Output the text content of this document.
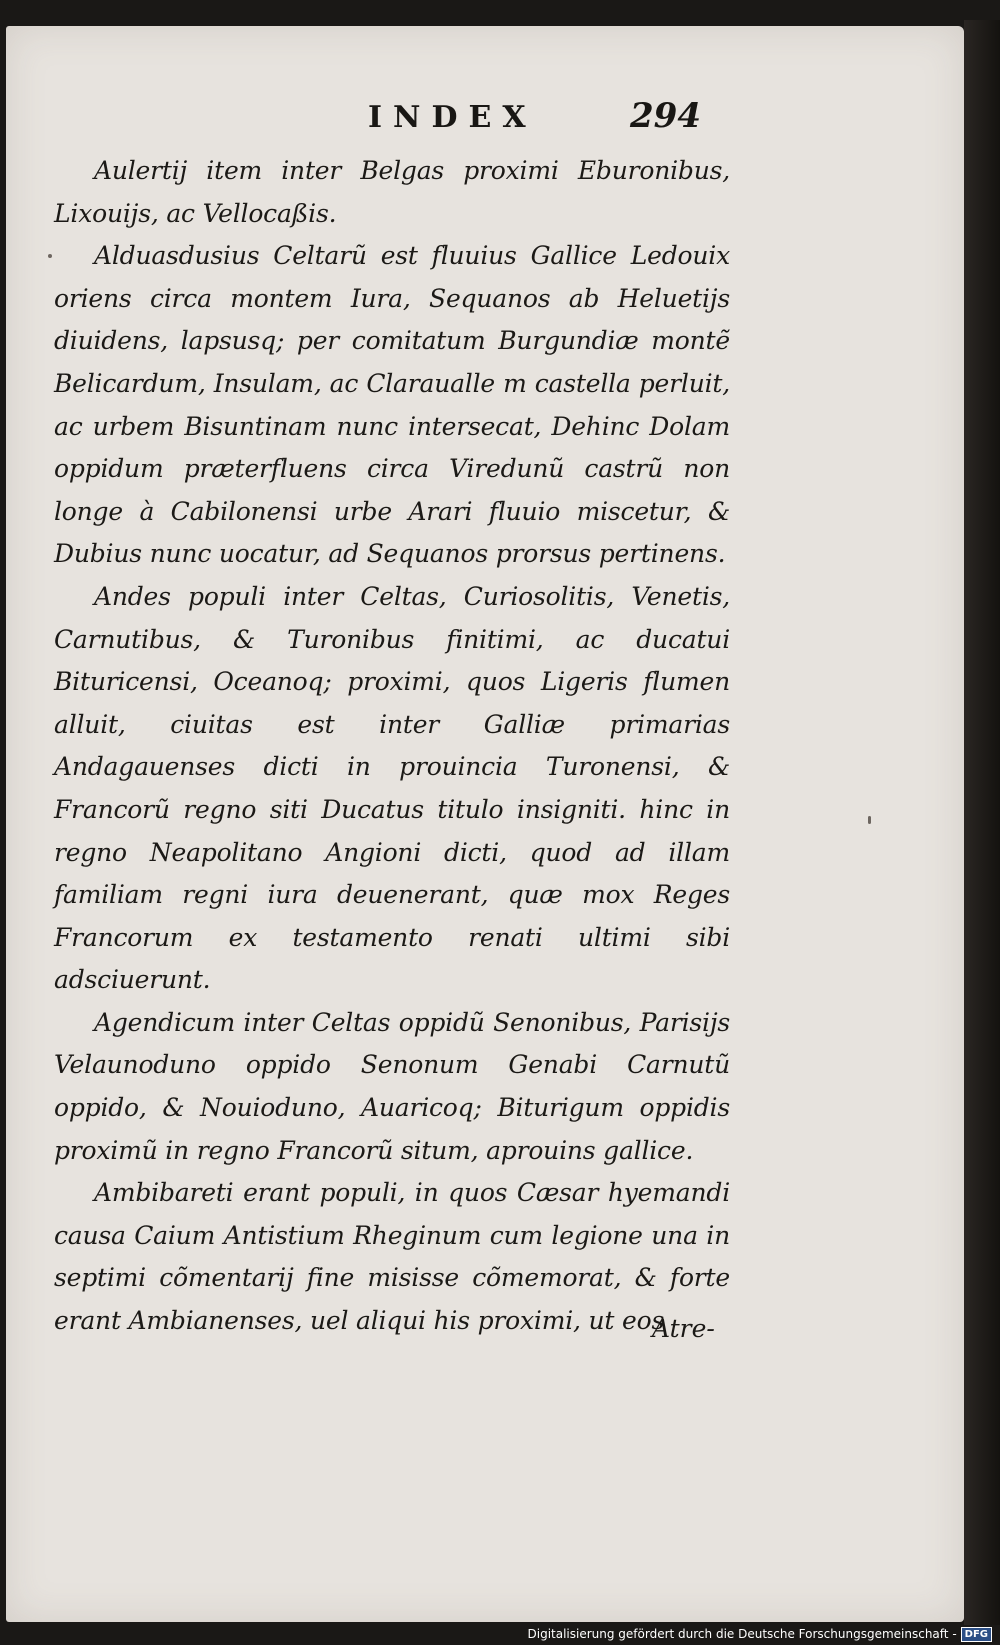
INDEX	294

Aulertij item inter Belgas proximi Eburonibus, Lixouijs, ac Vellocaßis.

Alduasdusius Celtarũ est fluuius Gallice Ledouix oriens circa montem Iura, Sequanos ab Heluetijs diuidens, lapsusq; per comitatum Burgundiæ montẽ Belicardum, Insulam, ac Claraualle m castella perluit, ac urbem Bisuntinam nunc intersecat, Dehinc Dolam oppidum præterfluens circa Viredunũ castrũ non longe à Cabilonensi urbe Arari fluuio miscetur, & Dubius nunc uocatur, ad Sequanos prorsus pertinens.

Andes populi inter Celtas, Curiosolitis, Venetis, Carnutibus, & Turonibus finitimi, ac ducatui Bituricensi, Oceanoq; proximi, quos Ligeris flumen alluit, ciuitas est inter Galliæ primarias Andagauenses dicti in prouincia Turonensi, & Francorũ regno siti Ducatus titulo insigniti. hinc in regno Neapolitano Angioni dicti, quod ad illam familiam regni iura deuenerant, quæ mox Reges Francorum ex testamento renati ultimi sibi adsciuerunt.

Agendicum inter Celtas oppidũ Senonibus, Parisijs Velaunoduno oppido Senonum Genabi Carnutũ oppido, & Nouioduno, Auaricoq; Biturigum oppidis proximũ in regno Francorũ situm, aprouins gallice.

Ambibareti erant populi, in quos Cæsar hyemandi causa Caium Antistium Rheginum cum legione una in septimi cõmentarij fine misisse cõmemorat, & forte erant Ambianenses, uel aliqui his proximi, ut eos

Atre-
Digitalisierung gefördert durch die Deutsche Forschungsgemeinschaft - DFG
